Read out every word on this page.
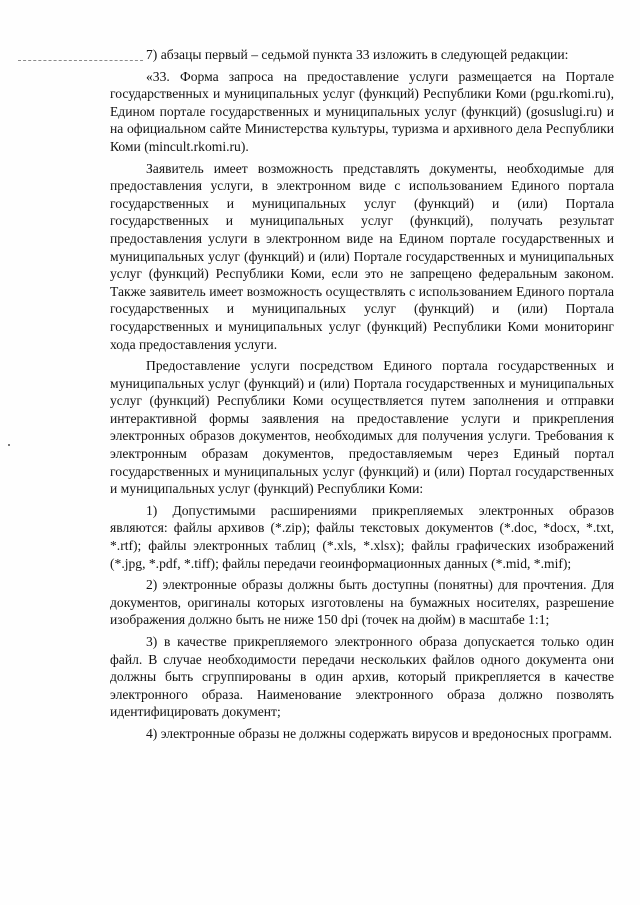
7) абзацы первый – седьмой пункта 33 изложить в следующей редакции:

«33. Форма запроса на предоставление услуги размещается на Портале государственных и муниципальных услуг (функций) Республики Коми (pgu.rkomi.ru), Едином портале государственных и муниципальных услуг (функций) (gosuslugi.ru) и на официальном сайте Министерства культуры, туризма и архивного дела Республики Коми (mincult.rkomi.ru).

Заявитель имеет возможность представлять документы, необходимые для предоставления услуги, в электронном виде с использованием Единого портала государственных и муниципальных услуг (функций) и (или) Портала государственных и муниципальных услуг (функций), получать результат предоставления услуги в электронном виде на Едином портале государственных и муниципальных услуг (функций) и (или) Портале государственных и муниципальных услуг (функций) Республики Коми, если это не запрещено федеральным законом. Также заявитель имеет возможность осуществлять с использованием Единого портала государственных и муниципальных услуг (функций) и (или) Портала государственных и муниципальных услуг (функций) Республики Коми мониторинг хода предоставления услуги.

Предоставление услуги посредством Единого портала государственных и муниципальных услуг (функций) и (или) Портала государственных и муниципальных услуг (функций) Республики Коми осуществляется путем заполнения и отправки интерактивной формы заявления на предоставление услуги и прикрепления электронных образов документов, необходимых для получения услуги. Требования к электронным образам документов, предоставляемым через Единый портал государственных и муниципальных услуг (функций) и (или) Портал государственных и муниципальных услуг (функций) Республики Коми:

1) Допустимыми расширениями прикрепляемых электронных образов являются: файлы архивов (*.zip); файлы текстовых документов (*.doc, *docx, *.txt, *.rtf); файлы электронных таблиц (*.xls, *.xlsx); файлы графических изображений (*.jpg, *.pdf, *.tiff); файлы передачи геоинформационных данных (*.mid, *.mif);

2) электронные образы должны быть доступны (понятны) для прочтения. Для документов, оригиналы которых изготовлены на бумажных носителях, разрешение изображения должно быть не ниже 150 dpi (точек на дюйм) в масштабе 1:1;

3) в качестве прикрепляемого электронного образа допускается только один файл. В случае необходимости передачи нескольких файлов одного документа они должны быть сгруппированы в один архив, который прикрепляется в качестве электронного образа. Наименование электронного образа должно позволять идентифицировать документ;

4) электронные образы не должны содержать вирусов и вредоносных программ.
